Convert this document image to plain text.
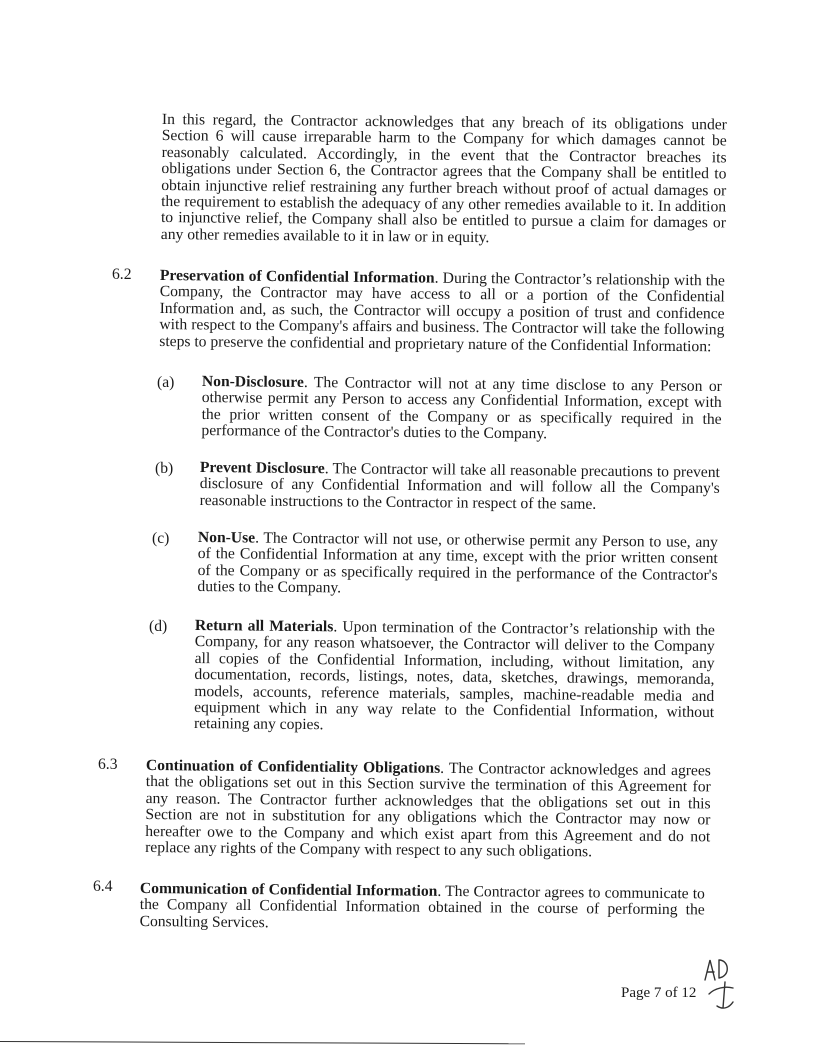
In this regard, the Contractor acknowledges that any breach of its obligations under Section 6 will cause irreparable harm to the Company for which damages cannot be reasonably calculated. Accordingly, in the event that the Contractor breaches its obligations under Section 6, the Contractor agrees that the Company shall be entitled to obtain injunctive relief restraining any further breach without proof of actual damages or the requirement to establish the adequacy of any other remedies available to it. In addition to injunctive relief, the Company shall also be entitled to pursue a claim for damages or any other remedies available to it in law or in equity.

6.2 Preservation of Confidential Information. During the Contractor’s relationship with the Company, the Contractor may have access to all or a portion of the Confidential Information and, as such, the Contractor will occupy a position of trust and confidence with respect to the Company's affairs and business. The Contractor will take the following steps to preserve the confidential and proprietary nature of the Confidential Information:

(a) Non-Disclosure. The Contractor will not at any time disclose to any Person or otherwise permit any Person to access any Confidential Information, except with the prior written consent of the Company or as specifically required in the performance of the Contractor's duties to the Company.

(b) Prevent Disclosure. The Contractor will take all reasonable precautions to prevent disclosure of any Confidential Information and will follow all the Company's reasonable instructions to the Contractor in respect of the same.

(c) Non-Use. The Contractor will not use, or otherwise permit any Person to use, any of the Confidential Information at any time, except with the prior written consent of the Company or as specifically required in the performance of the Contractor's duties to the Company.

(d) Return all Materials. Upon termination of the Contractor’s relationship with the Company, for any reason whatsoever, the Contractor will deliver to the Company all copies of the Confidential Information, including, without limitation, any documentation, records, listings, notes, data, sketches, drawings, memoranda, models, accounts, reference materials, samples, machine-readable media and equipment which in any way relate to the Confidential Information, without retaining any copies.

6.3 Continuation of Confidentiality Obligations. The Contractor acknowledges and agrees that the obligations set out in this Section survive the termination of this Agreement for any reason. The Contractor further acknowledges that the obligations set out in this Section are not in substitution for any obligations which the Contractor may now or hereafter owe to the Company and which exist apart from this Agreement and do not replace any rights of the Company with respect to any such obligations.

6.4 Communication of Confidential Information. The Contractor agrees to communicate to the Company all Confidential Information obtained in the course of performing the Consulting Services.

Page 7 of 12
